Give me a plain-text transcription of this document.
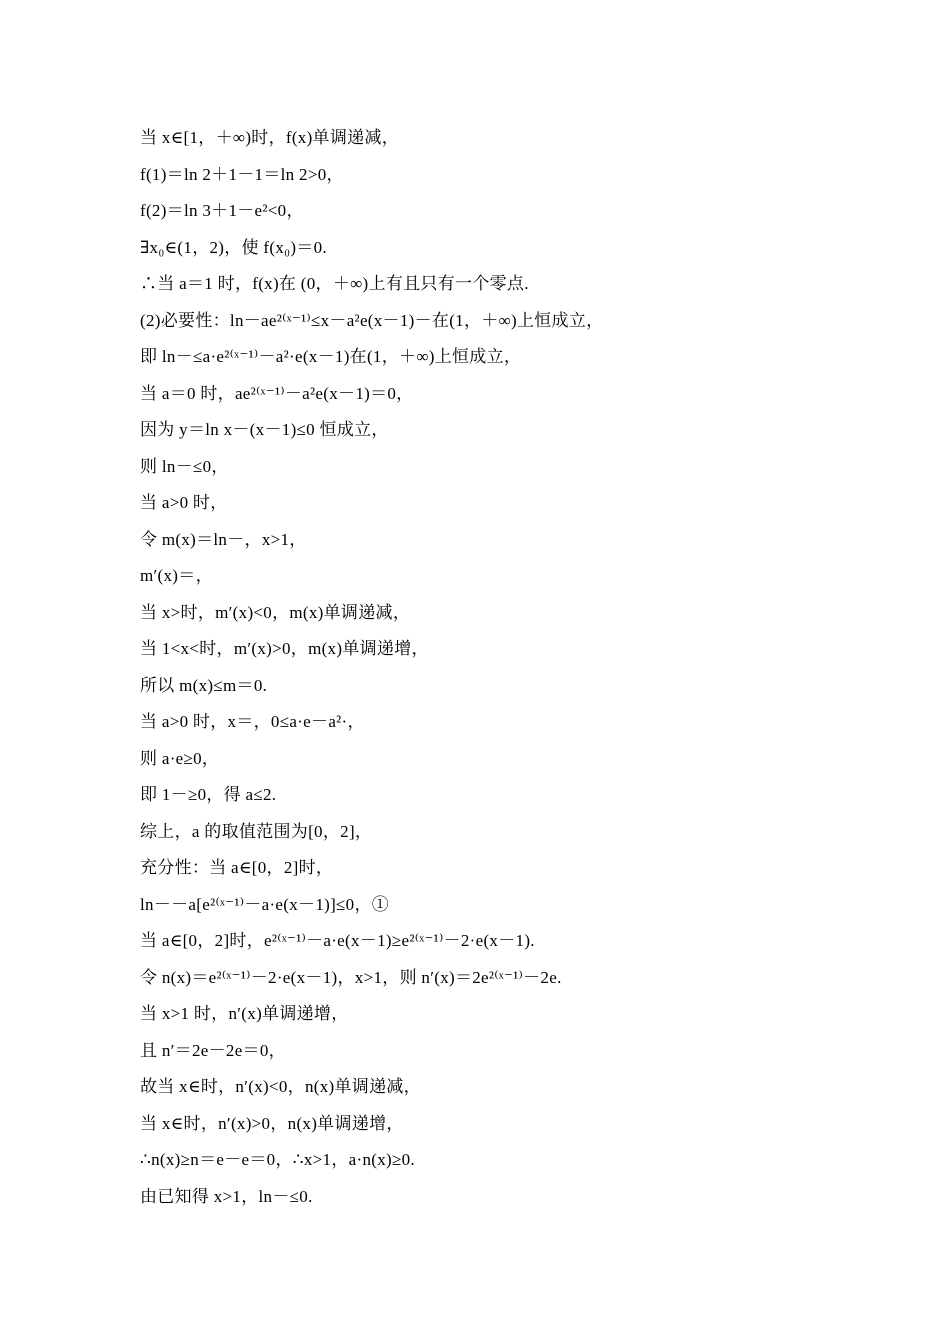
当 x∈[1，＋∞)时，f(x)单调递减，
f(1)＝ln 2＋1－1＝ln 2>0，
f(2)＝ln 3＋1－e²<0，
∃x₀∈(1，2)，使 f(x₀)＝0.
∴当 a＝1 时，f(x)在 (0，＋∞)上有且只有一个零点.
(2)必要性：ln－ae²⁽ˣ⁻¹⁾≤x－a²e(x－1)－在(1，＋∞)上恒成立，
即 ln－≤a·e²⁽ˣ⁻¹⁾－a²·e(x－1)在(1，＋∞)上恒成立，
当 a＝0 时，ae²⁽ˣ⁻¹⁾－a²e(x－1)＝0，
因为 y＝ln x－(x－1)≤0 恒成立，
则 ln－≤0，
当 a>0 时，
令 m(x)＝ln－，x>1，
m′(x)＝，
当 x>时，m′(x)<0，m(x)单调递减，
当 1<x<时，m′(x)>0，m(x)单调递增，
所以 m(x)≤m＝0.
当 a>0 时，x＝，0≤a·e－a²·，
则 a·e≥0，
即 1－≥0，得 a≤2.
综上，a 的取值范围为[0，2]，
充分性：当 a∈[0，2]时，
ln－－a[e²⁽ˣ⁻¹⁾－a·e(x－1)]≤0，①
当 a∈[0，2]时，e²⁽ˣ⁻¹⁾－a·e(x－1)≥e²⁽ˣ⁻¹⁾－2·e(x－1).
令 n(x)＝e²⁽ˣ⁻¹⁾－2·e(x－1)，x>1，则 n′(x)＝2e²⁽ˣ⁻¹⁾－2e.
当 x>1 时，n′(x)单调递增，
且 n′＝2e－2e＝0，
故当 x∈时，n′(x)<0，n(x)单调递减，
当 x∈时，n′(x)>0，n(x)单调递增，
∴n(x)≥n＝e－e＝0，∴x>1，a·n(x)≥0.
由已知得 x>1，ln－≤0.
